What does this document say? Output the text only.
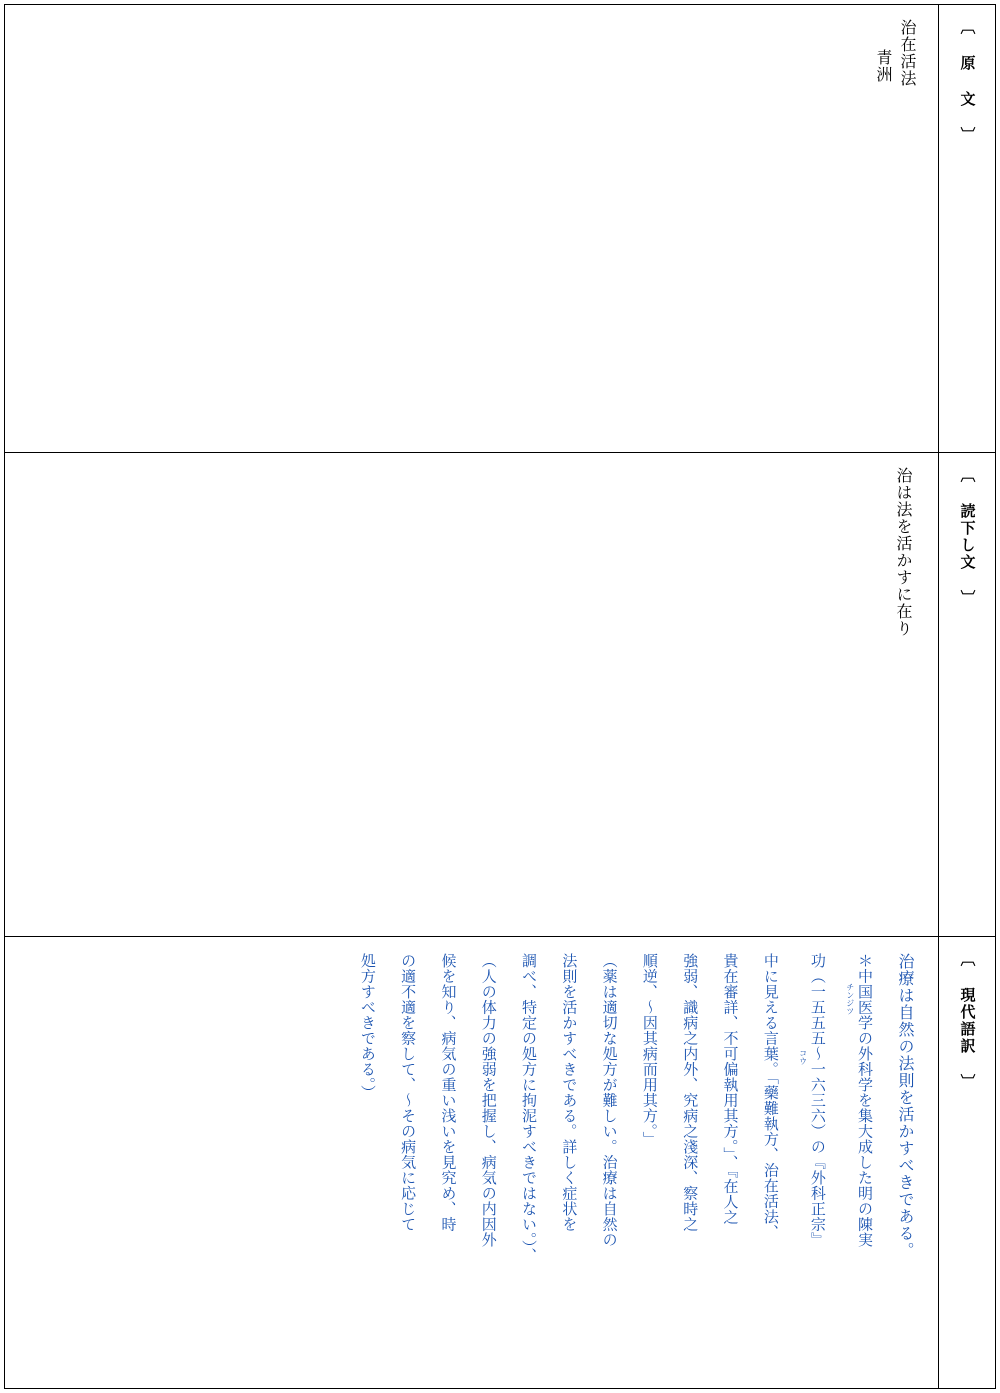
〔 原 文 〕
治在活法
青洲
〔 読下し文 〕
治は法を活かすに在り
〔 現代語訳 〕
治療は自然の法則を活かすべきである。
＊中国医学の外科学を集大成した明の陳実
チンジツ
功（一五五五〜一六三六）の『外科正宗』
コウ
中に見える言葉。「藥難執方、治在活法、
貴在審詳、不可偏執用其方。」、『在人之
強弱、識病之内外、究病之淺深、察時之
順逆、〜因其病而用其方。」
（薬は適切な処方が難しい。治療は自然の
法則を活かすべきである。詳しく症状を
調べ、特定の処方に拘泥すべきではない。）、
（人の体力の強弱を把握し、病気の内因外
候を知り、病気の重い浅いを見究め、時
の適不適を察して、〜その病気に応じて
処方すべきである。）
